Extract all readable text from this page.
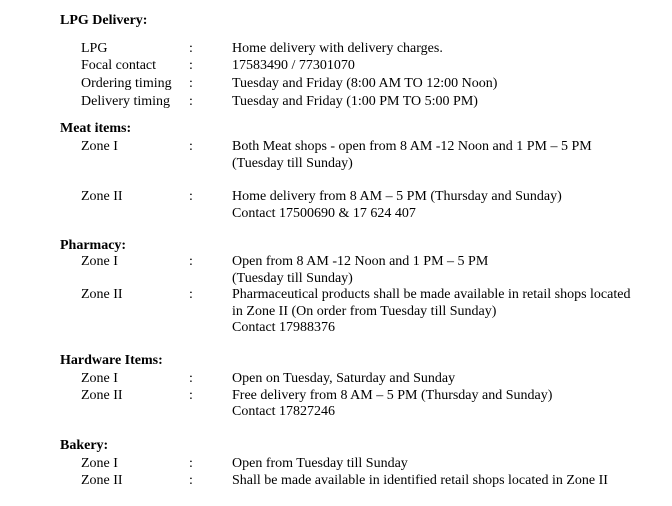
LPG Delivery:
LPG	:	Home delivery with delivery charges.
Focal contact :	17583490 / 77301070
Ordering timing :	Tuesday and Friday (8:00 AM TO 12:00 Noon)
Delivery timing :	Tuesday and Friday (1:00 PM TO 5:00 PM)
Meat items:
Zone I	:	Both Meat shops - open from 8 AM -12 Noon and 1 PM – 5 PM
(Tuesday till Sunday)
Zone II	:	Home delivery from 8 AM – 5 PM (Thursday and Sunday)
Contact 17500690 & 17 624 407
Pharmacy:
Zone I	:	Open from 8 AM -12 Noon and 1 PM – 5 PM
(Tuesday till Sunday)
Zone II	:	Pharmaceutical products shall be made available in retail shops located
in Zone II (On order from Tuesday till Sunday)
Contact 17988376
Hardware Items:
Zone I	:	Open on Tuesday, Saturday and Sunday
Zone II	:	Free delivery from 8 AM – 5 PM (Thursday and Sunday)
Contact 17827246
Bakery:
Zone I	:	Open from Tuesday till Sunday
Zone II	:	Shall be made available in identified retail shops located in Zone II
